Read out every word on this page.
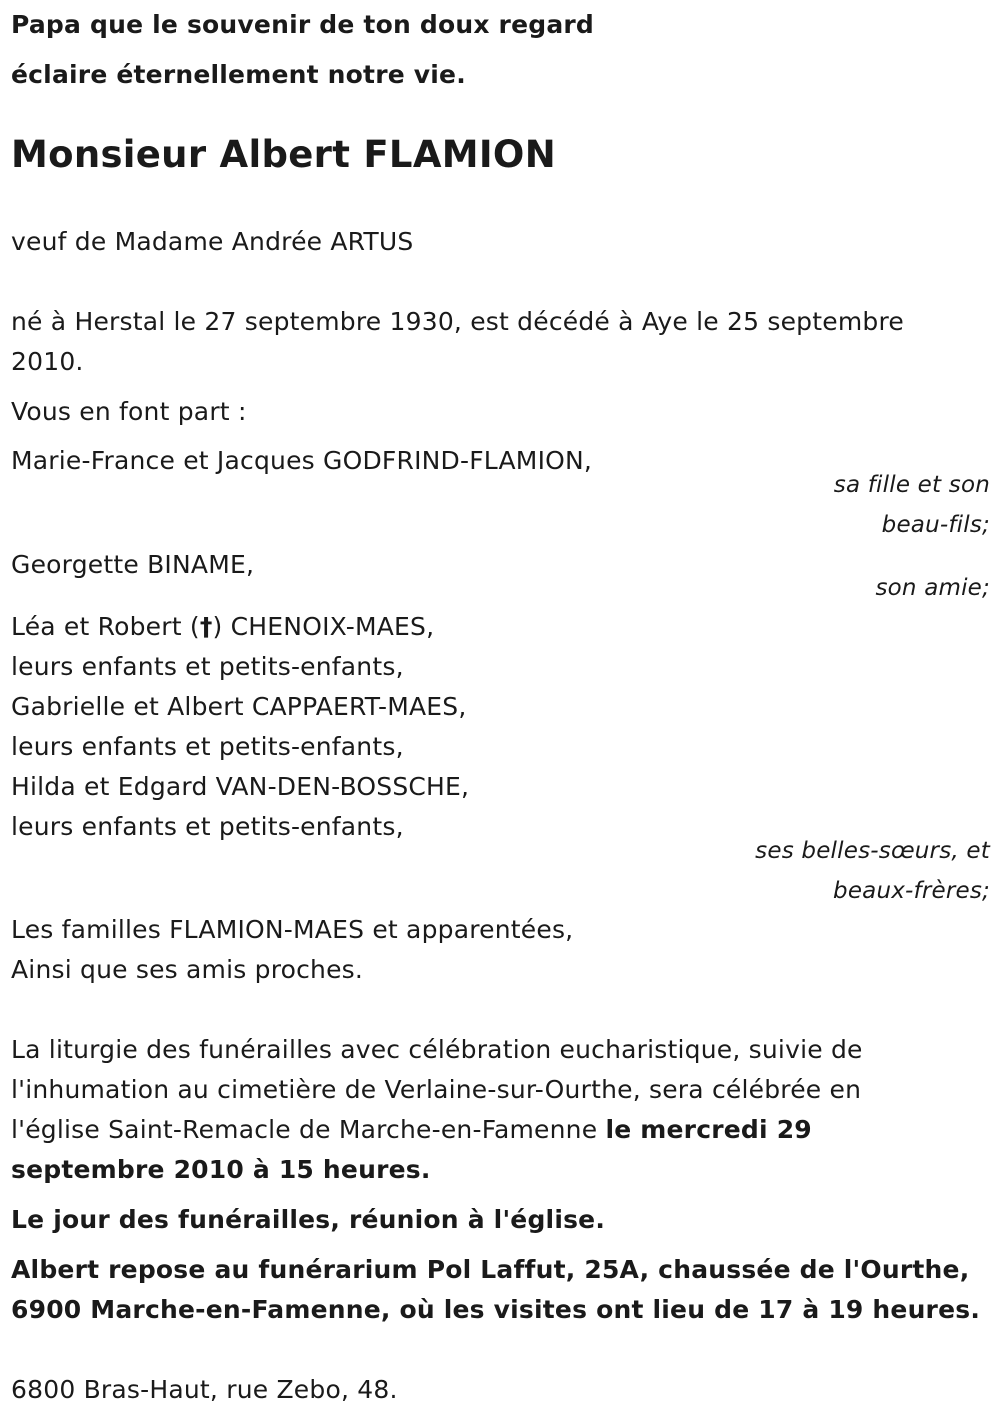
Papa que le souvenir de ton doux regard
éclaire éternellement notre vie.
Monsieur Albert FLAMION
veuf de Madame Andrée ARTUS
né à Herstal le 27 septembre 1930, est décédé à Aye le 25 septembre
2010.
Vous en font part :
Marie-France et Jacques GODFRIND-FLAMION,
sa fille et son
beau-fils;
Georgette BINAME,
son amie;
Léa et Robert (†) CHENOIX-MAES,
leurs enfants et petits-enfants,
Gabrielle et Albert CAPPAERT-MAES,
leurs enfants et petits-enfants,
Hilda et Edgard VAN-DEN-BOSSCHE,
leurs enfants et petits-enfants,
ses belles-sœurs, et
beaux-frères;
Les familles FLAMION-MAES et apparentées,
Ainsi que ses amis proches.
La liturgie des funérailles avec célébration eucharistique, suivie de
l'inhumation au cimetière de Verlaine-sur-Ourthe, sera célébrée en
l'église Saint-Remacle de Marche-en-Famenne le mercredi 29
septembre 2010 à 15 heures.
Le jour des funérailles, réunion à l'église.
Albert repose au funérarium Pol Laffut, 25A, chaussée de l'Ourthe,
6900 Marche-en-Famenne, où les visites ont lieu de 17 à 19 heures.
6800 Bras-Haut, rue Zebo, 48.
